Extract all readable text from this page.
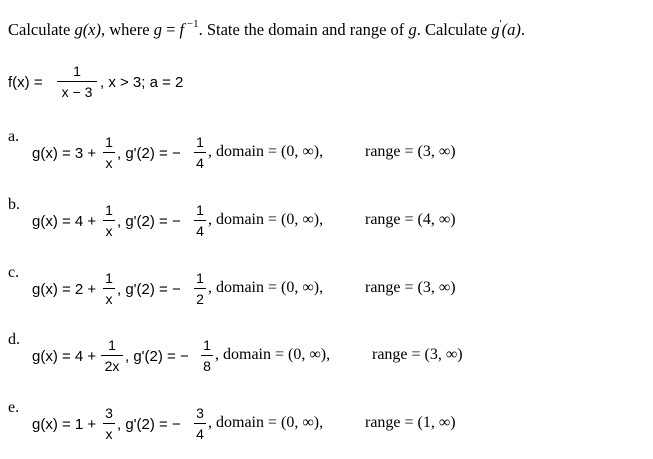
Calculate g(x), where g = f $^{-1}$. State the domain and range of g. Calculate g'(a).
f(x) =
1
x − 3
, x > 3; a = 2
a.
g(x) = 3 +
1
x
, g'(2) = −
1
4
, domain = (0, ∞),	range = (3, ∞)
b.
g(x) = 4 +
1
x
, g'(2) = −
1
4
, domain = (0, ∞),	range = (4, ∞)
c.
g(x) = 2 +
1
x
, g'(2) = −
1
2
, domain = (0, ∞),	range = (3, ∞)
d.
g(x) = 4 +
1
2x
, g'(2) = −
1
8
, domain = (0, ∞),	range = (3, ∞)
e.
g(x) = 1 +
3
x
, g'(2) = −
3
4
, domain = (0, ∞),	range = (1, ∞)
